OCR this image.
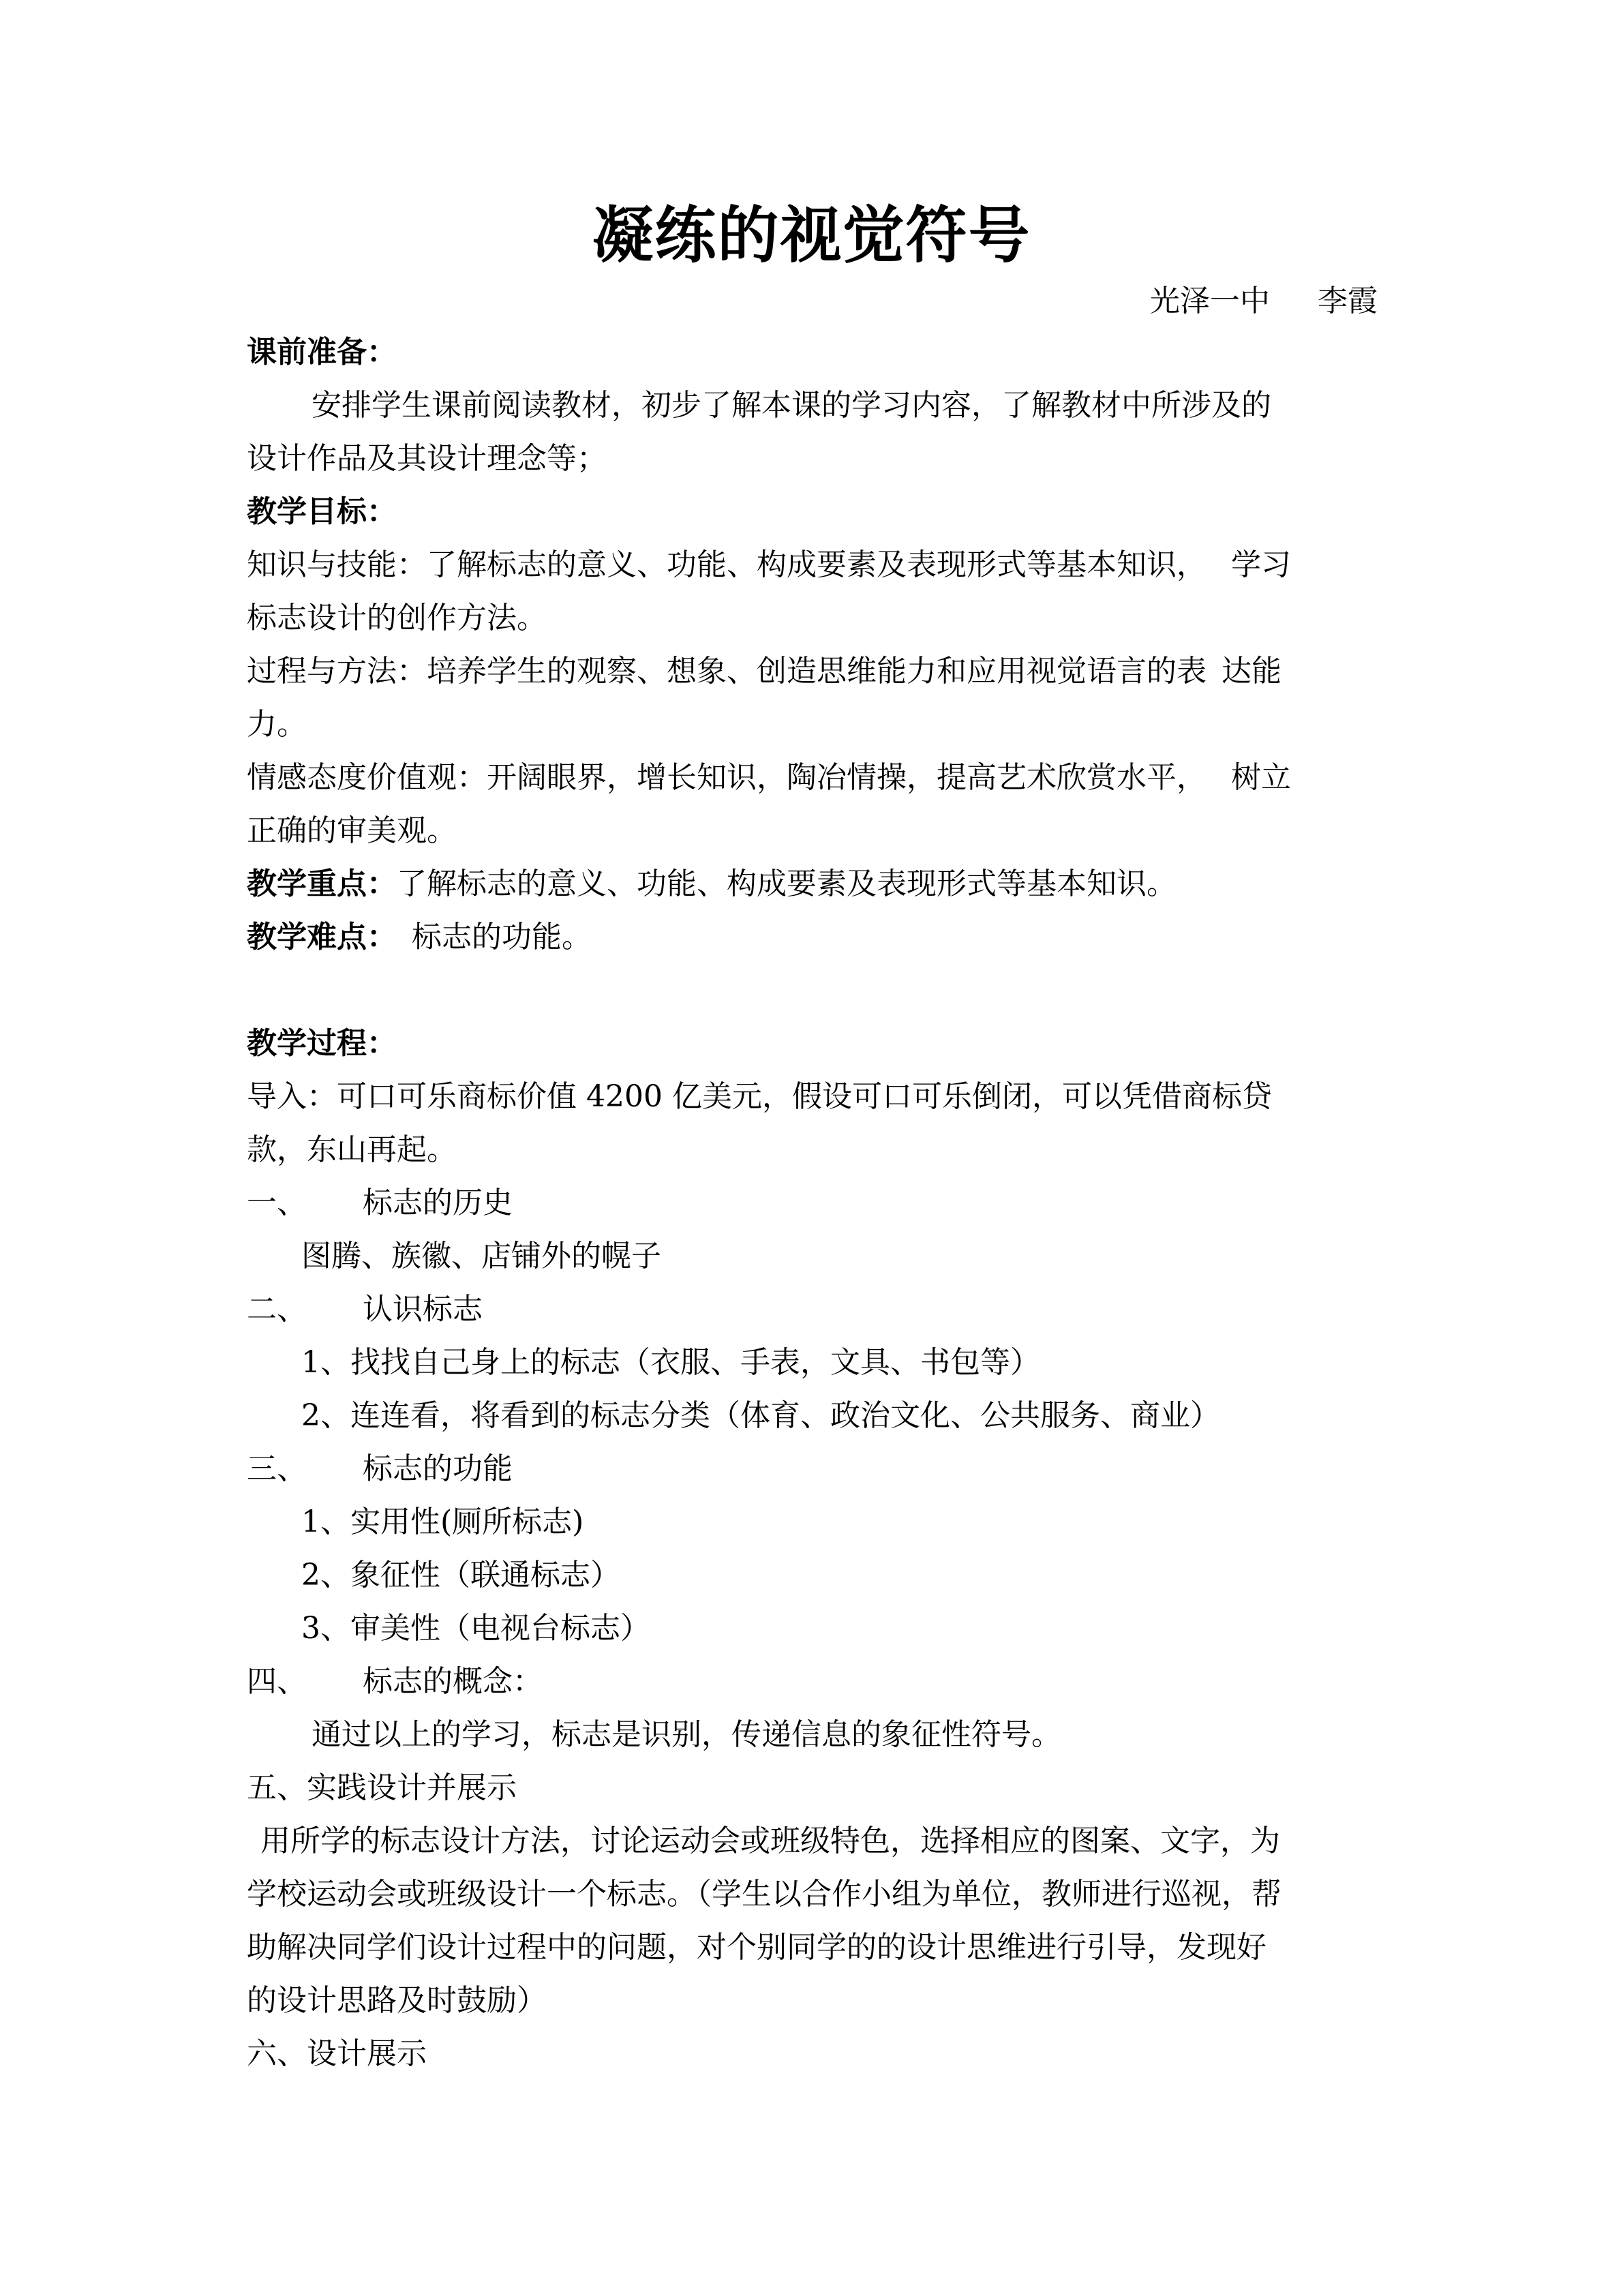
凝练的视觉符号
光泽一中 李霞
课前准备：
安排学生课前阅读教材，初步了解本课的学习内容，了解教材中所涉及的
设计作品及其设计理念等；
教学目标：
知识与技能：了解标志的意义、功能、构成要素及表现形式等基本知识， 学习
标志设计的创作方法。
过程与方法：培养学生的观察、想象、创造思维能力和应用视觉语言的表 达能
力。
情感态度价值观：开阔眼界，增长知识，陶冶情操，提高艺术欣赏水平， 树立
正确的审美观。
教学重点：了解标志的意义、功能、构成要素及表现形式等基本知识。
教学难点： 标志的功能。
教学过程：
导入：可口可乐商标价值 4200 亿美元，假设可口可乐倒闭，可以凭借商标贷
款，东山再起。
一、 标志的历史
图腾、族徽、店铺外的幌子
二、 认识标志
1、找找自己身上的标志（衣服、手表，文具、书包等）
2、连连看，将看到的标志分类（体育、政治文化、公共服务、商业）
三、 标志的功能
1、实用性(厕所标志)
2、象征性（联通标志）
3、审美性（电视台标志）
四、 标志的概念：
通过以上的学习，标志是识别，传递信息的象征性符号。
五、实践设计并展示
用所学的标志设计方法，讨论运动会或班级特色，选择相应的图案、文字，为
学校运动会或班级设计一个标志。（学生以合作小组为单位，教师进行巡视，帮
助解决同学们设计过程中的问题，对个别同学的的设计思维进行引导，发现好
的设计思路及时鼓励）
六、设计展示
